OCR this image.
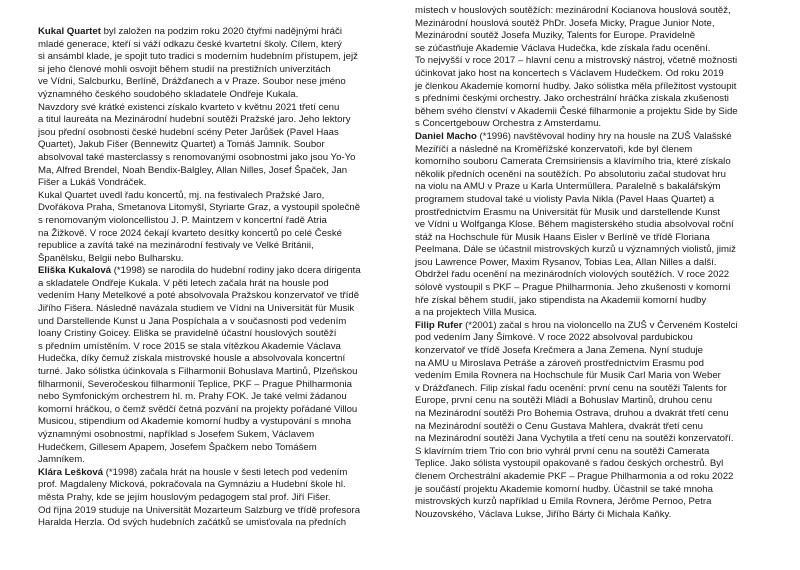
Kukal Quartet byl založen na podzim roku 2020 čtyřmi nadějnými hráči
mladé generace, kteří si váží odkazu české kvartetní školy. Cílem, který
si ansámbl klade, je spojit tuto tradici s moderním hudebním přístupem, jejž
si jeho členové mohli osvojit během studií na prestižních univerzitách
ve Vídni, Salcburku, Berlíně, Drážďanech a v Praze. Soubor nese jméno
významného českého soudobého skladatele Ondřeje Kukala.
Navzdory své krátké existenci získalo kvarteto v květnu 2021 třetí cenu
a titul laureáta na Mezinárodní hudební soutěži Pražské jaro. Jeho lektory
jsou přední osobnosti české hudební scény Peter Jarůšek (Pavel Haas
Quartet), Jakub Fišer (Bennewitz Quartet) a Tomáš Jamník. Soubor
absolvoval také masterclassy s renomovanými osobnostmi jako jsou Yo-Yo
Ma, Alfred Brendel, Noah Bendix-Balgley, Allan Nilles, Josef Špaček, Jan
Fišer a Lukáš Vondráček.
Kukal Quartet uvedl řadu koncertů, mj. na festivalech Pražské Jaro,
Dvořákova Praha, Smetanova Litomyšl, Styriarte Graz, a vystoupil společně
s renomovaným violoncellistou J. P. Maintzem v koncertní řadě Atria
na Žižkově. V roce 2024 čekají kvarteto desítky koncertů po celé České
republice a zavítá také na mezinárodní festivaly ve Velké Británii,
Španělsku, Belgii nebo Bulharsku.
Eliška Kukalová (*1998) se narodila do hudební rodiny jako dcera dirigenta
a skladatele Ondřeje Kukala. V pěti letech začala hrát na housle pod
vedením Hany Metelkové a poté absolvovala Pražskou konzervatoř ve třídě
Jiřího Fišera. Následně navázala studiem ve Vídni na Universität für Musik
und Darstellende Kunst u Jana Pospíchala a v současnosti pod vedením
Ioany Cristiny Goicey. Eliška se pravidelně účastní houslových soutěží
s předním umístěním. V roce 2015 se stala vítězkou Akademie Václava
Hudečka, díky čemuž získala mistrovské housle a absolvovala koncertní
turné. Jako sólistka účinkovala s Filharmonií Bohuslava Martinů, Plzeňskou
filharmonií, Severočeskou filharmonií Teplice, PKF – Prague Philharmonia
nebo Symfonickým orchestrem hl. m. Prahy FOK. Je také velmi žádanou
komorní hráčkou, o čemž svědčí četná pozvání na projekty pořádané Villou
Musicou, stipendium od Akademie komorní hudby a vystupování s mnoha
významnými osobnostmi, například s Josefem Sukem, Václavem
Hudečkem, Gillesem Apapem, Josefem Špačkem nebo Tomášem
Jamníkem.
Klára Lešková (*1998) začala hrát na housle v šesti letech pod vedením
prof. Magdaleny Micková, pokračovala na Gymnáziu a Hudební škole hl.
města Prahy, kde se jejím houslovým pedagogem stal prof. Jiří Fišer.
Od října 2019 studuje na Universität Mozarteum Salzburg ve třídě profesora
Haralda Herzla. Od svých hudebních začátků se umisťovala na předních
místech v houslových soutěžích: mezinárodní Kocianova houslová soutěž,
Mezinárodní houslová soutěž PhDr. Josefa Micky, Prague Junior Note,
Mezinárodní soutěž Josefa Muziky, Talents for Europe. Pravidelně
se zúčastňuje Akademie Václava Hudečka, kde získala řadu ocenění.
To nejvyšší v roce 2017 – hlavní cenu a mistrovský nástroj, včetně možnosti
účinkovat jako host na koncertech s Václavem Hudečkem. Od roku 2019
je členkou Akademie komorní hudby. Jako sólistka měla příležitost vystoupit
s předními českými orchestry. Jako orchestrální hráčka získala zkušenosti
během svého členství v Akademii České filharmonie a projektu Side by Side
s Concertgebouw Orchestra z Amsterdamu.
Daniel Macho (*1996) navštěvoval hodiny hry na housle na ZUŠ Valašské
Meziříčí a následně na Kroměřížské konzervatoři, kde byl členem
komorního souboru Camerata Cremsiriensis a klavírního tria, které získalo
několik předních ocenění na soutěžích. Po absolutoriu začal studovat hru
na violu na AMU v Praze u Karla Untermüllera. Paralelně s bakalářským
programem studoval také u violisty Pavla Nikla (Pavel Haas Quartet) a
prostřednictvím Erasmu na Universität für Musik und darstellende Kunst
ve Vídni u Wolfganga Klose. Během magisterského studia absolvoval roční
stáž na Hochschule für Musik Haans Eisler v Berlíně ve třídě Floriana
Peelmana. Dále se účastnil mistrovských kurzů u významných violistů, jimiž
jsou Lawrence Power, Maxim Rysanov, Tobias Lea, Allan Nilles a další.
Obdržel řadu ocenění na mezinárodních violových soutěžích. V roce 2022
sólově vystoupil s PKF – Prague Philharmonia. Jeho zkušenosti v komorní
hře získal během studií, jako stipendista na Akademii komorní hudby
a na projektech Villa Musica.
Filip Rufer (*2001) začal s hrou na violoncello na ZUŠ v Červeném Kostelci
pod vedením Jany Šimkové. V roce 2022 absolvoval pardubickou
konzervatoř ve třídě Josefa Krečmera a Jana Zemena. Nyní studuje
na AMU u Miroslava Petráše a zároveň prostřednictvím Erasmu pod
vedením Emila Rovnera na Hochschule für Musik Carl Maria von Weber
v Drážďanech. Filip získal řadu ocenění: první cenu na soutěži Talents for
Europe, první cenu na soutěži Mládí a Bohuslav Martinů, druhou cenu
na Mezinárodní soutěži Pro Bohemia Ostrava, druhou a dvakrát třetí cenu
na Mezinárodní soutěži o Cenu Gustava Mahlera, dvakrát třetí cenu
na Mezinárodní soutěži Jana Vychytila a třetí cenu na soutěži konzervatoří.
S klavírním triem Trio con brio vyhrál první cenu na soutěži Camerata
Teplice. Jako sólista vystoupil opakovaně s řadou českých orchestrů. Byl
členem Orchestrální akademie PKF – Prague Philharmonia a od roku 2022
je součástí projektu Akademie komorní hudby. Účastnil se také mnoha
mistrovských kurzů například u Emila Rovnera, Jérôme Pernoo, Petra
Nouzovského, Václava Lukse, Jiřího Bárty či Michala Kaňky.
